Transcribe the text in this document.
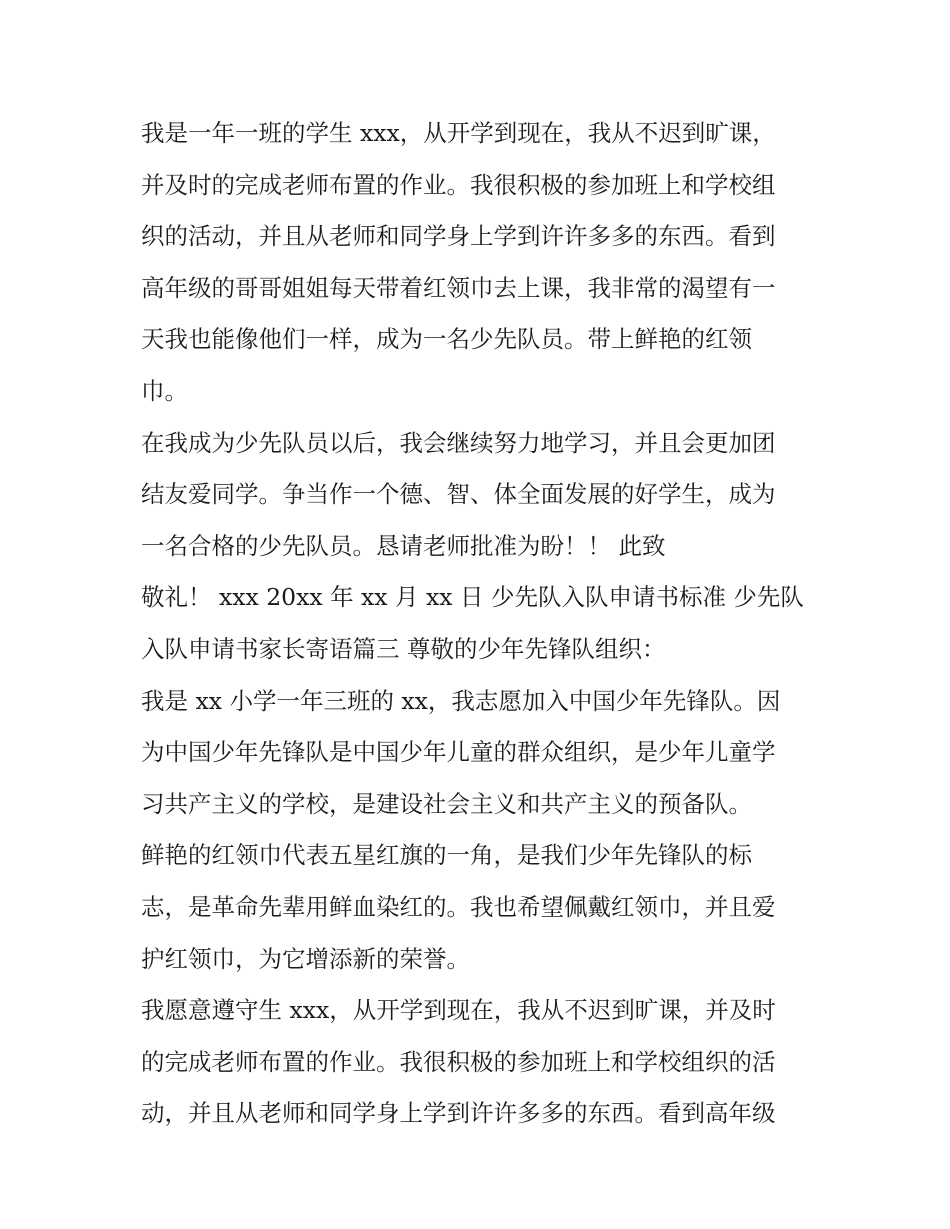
我是一年一班的学生 xxx，从开学到现在，我从不迟到旷课，
并及时的完成老师布置的作业。我很积极的参加班上和学校组
织的活动，并且从老师和同学身上学到许许多多的东西。看到
高年级的哥哥姐姐每天带着红领巾去上课，我非常的渴望有一
天我也能像他们一样，成为一名少先队员。带上鲜艳的红领
巾。
在我成为少先队员以后，我会继续努力地学习，并且会更加团
结友爱同学。争当作一个德、智、体全面发展的好学生，成为
一名合格的少先队员。恳请老师批准为盼！！ 此致
敬礼！ xxx 20xx 年 xx 月 xx 日 少先队入队申请书标准 少先队
入队申请书家长寄语篇三 尊敬的少年先锋队组织：
我是 xx 小学一年三班的 xx，我志愿加入中国少年先锋队。因
为中国少年先锋队是中国少年儿童的群众组织，是少年儿童学
习共产主义的学校，是建设社会主义和共产主义的预备队。
鲜艳的红领巾代表五星红旗的一角，是我们少年先锋队的标
志，是革命先辈用鲜血染红的。我也希望佩戴红领巾，并且爱
护红领巾，为它增添新的荣誉。
我愿意遵守生 xxx，从开学到现在，我从不迟到旷课，并及时
的完成老师布置的作业。我很积极的参加班上和学校组织的活
动，并且从老师和同学身上学到许许多多的东西。看到高年级
